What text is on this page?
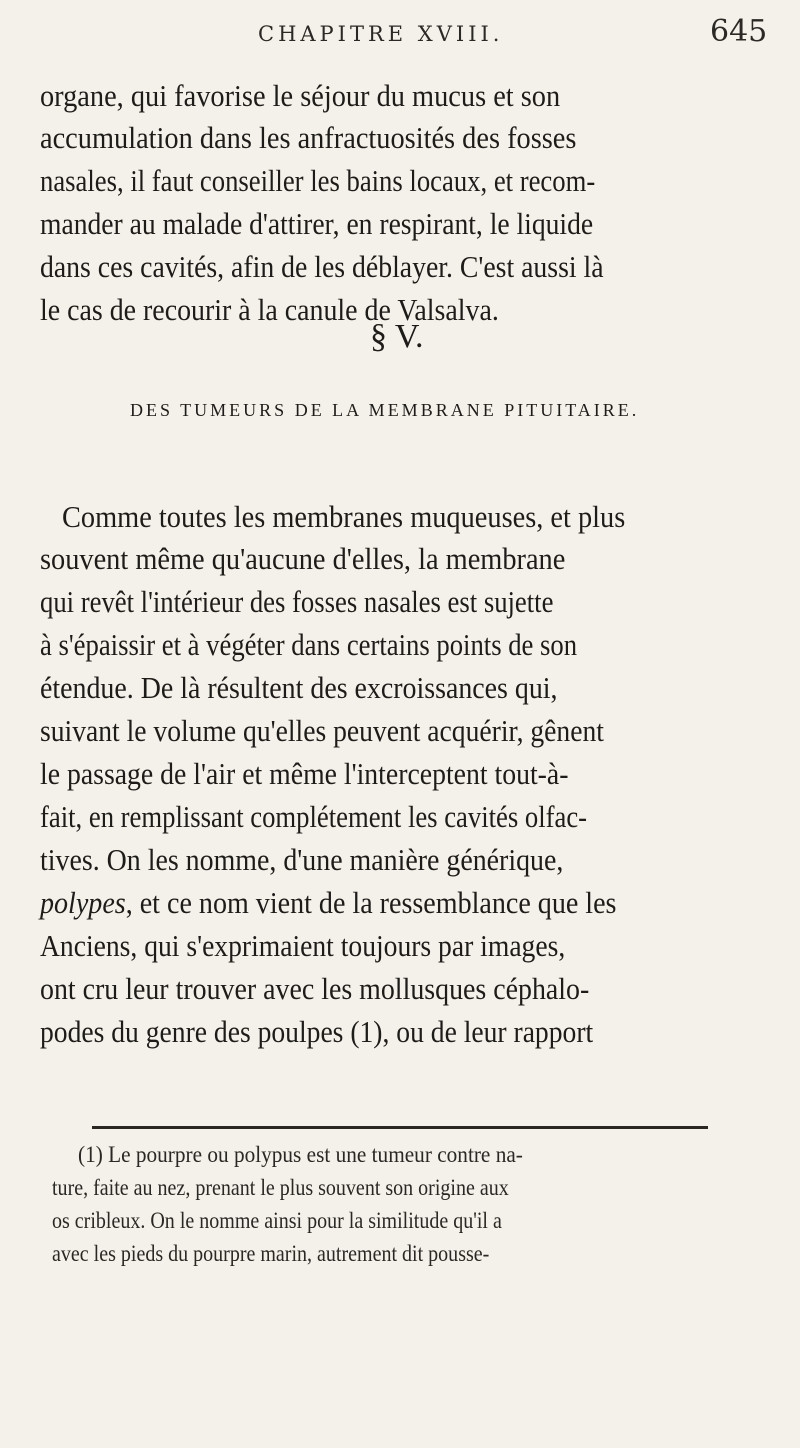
CHAPITRE XVIII.	645
organe, qui favorise le séjour du mucus et son
accumulation dans les anfractuosités des fosses
nasales, il faut conseiller les bains locaux, et recom-
mander au malade d'attirer, en respirant, le liquide
dans ces cavités, afin de les déblayer. C'est aussi là
le cas de recourir à la canule de Valsalva.
§ V.
DES TUMEURS DE LA MEMBRANE PITUITAIRE.
Comme toutes les membranes muqueuses, et plus
souvent même qu'aucune d'elles, la membrane
qui revêt l'intérieur des fosses nasales est sujette
à s'épaissir et à végéter dans certains points de son
étendue. De là résultent des excroissances qui,
suivant le volume qu'elles peuvent acquérir, gênent
le passage de l'air et même l'interceptent tout-à-
fait, en remplissant complétement les cavités olfac-
tives. On les nomme, d'une manière générique,
polypes, et ce nom vient de la ressemblance que les
Anciens, qui s'exprimaient toujours par images,
ont cru leur trouver avec les mollusques céphalo-
podes du genre des poulpes (1), ou de leur rapport
(1) Le pourpre ou polypus est une tumeur contre na-
ture, faite au nez, prenant le plus souvent son origine aux
os cribleux. On le nomme ainsi pour la similitude qu'il a
avec les pieds du pourpre marin, autrement dit pousse-
